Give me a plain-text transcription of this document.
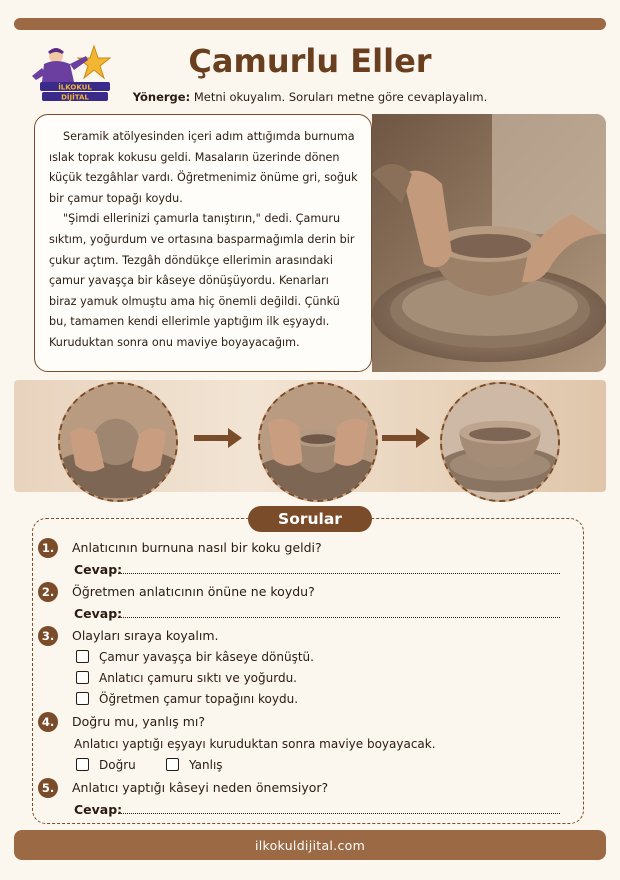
İLKOKUL
DİJİTAL
Çamurlu Eller
Yönerge: Metni okuyalım. Soruları metne göre cevaplayalım.

Seramik atölyesinden içeri adım attığımda burnuma ıslak toprak kokusu geldi. Masaların üzerinde dönen küçük tezgâhlar vardı. Öğretmenimiz önüme gri, soğuk bir çamur topağı koydu.

"Şimdi ellerinizi çamurla tanıştırın," dedi. Çamuru sıktım, yoğurdum ve ortasına basparmağımla derin bir çukur açtım. Tezgâh döndükçe ellerimin arasındaki çamur yavaşça bir kâseye dönüşüyordu. Kenarları biraz yamuk olmuştu ama hiç önemli değildi. Çünkü bu, tamamen kendi ellerimle yaptığım ilk eşyaydı. Kuruduktan sonra onu maviye boyayacağım.

Sorular
1.	Anlatıcının burnuna nasıl bir koku geldi?
Cevap:
2.	Öğretmen anlatıcının önüne ne koydu?
Cevap:
3.	Olayları sıraya koyalım.
Çamur yavaşça bir kâseye dönüştü.
Anlatıcı çamuru sıktı ve yoğurdu.
Öğretmen çamur topağını koydu.
4.	Doğru mu, yanlış mı?
Anlatıcı yaptığı eşyayı kuruduktan sonra maviye boyayacak.
Doğru	Yanlış
5.	Anlatıcı yaptığı kâseyi neden önemsiyor?
Cevap:
ilkokuldijital.com
